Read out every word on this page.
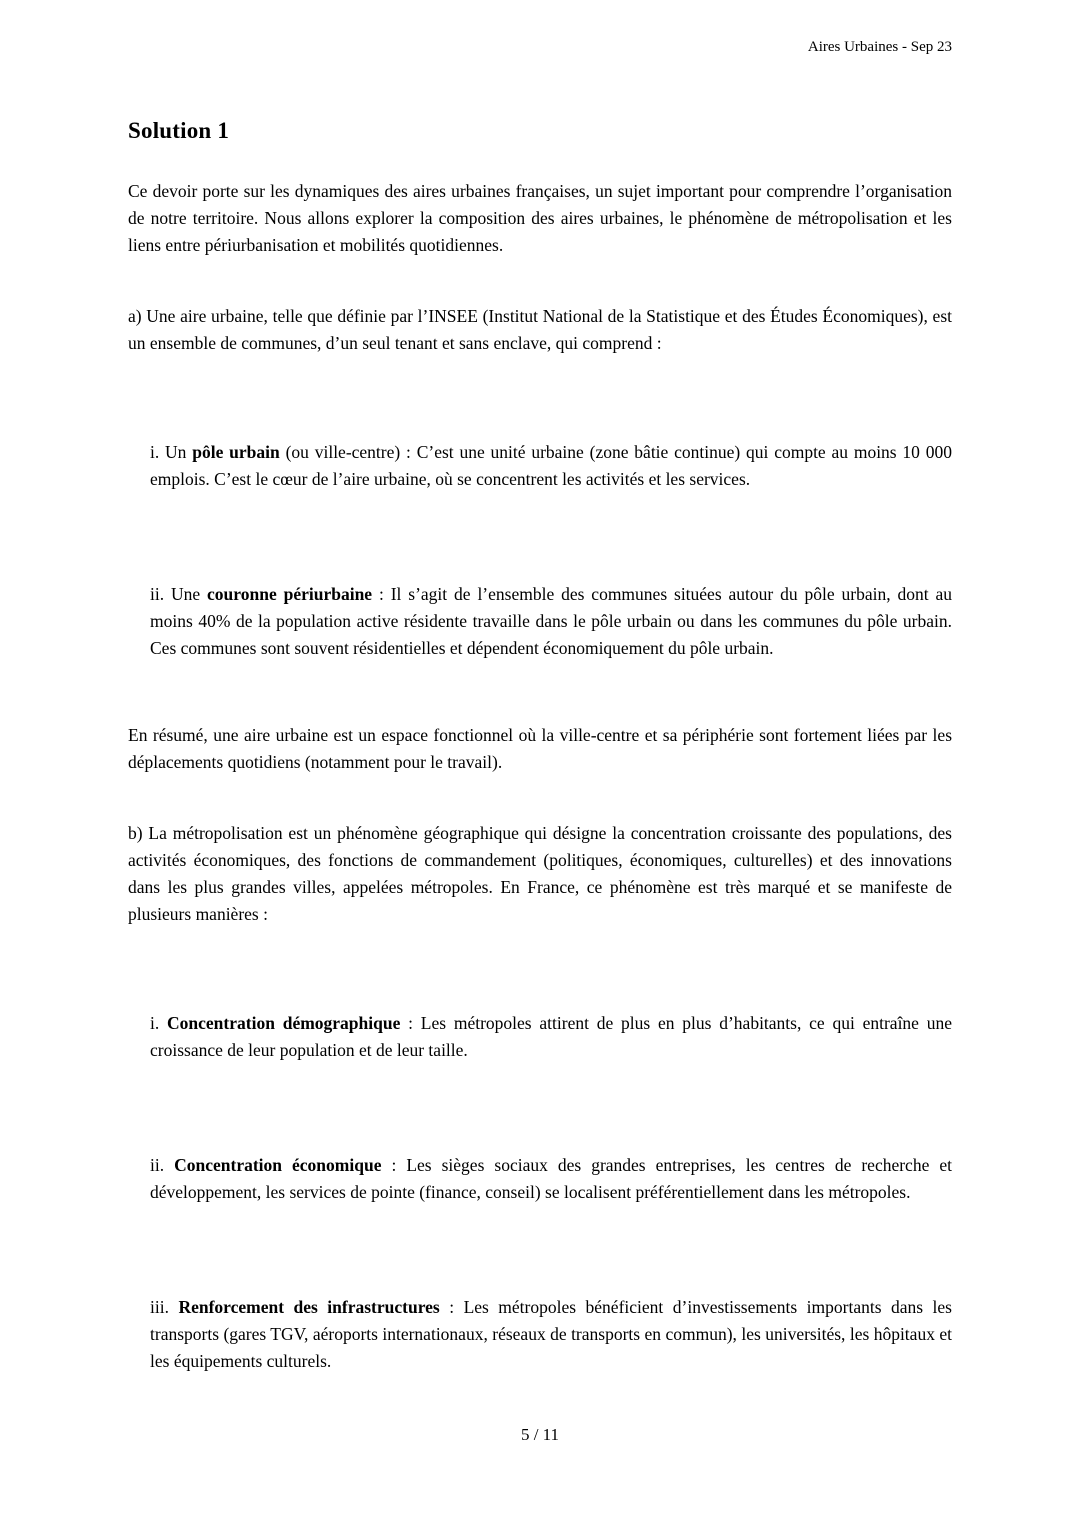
Aires Urbaines - Sep 23
Solution 1

Ce devoir porte sur les dynamiques des aires urbaines françaises, un sujet important pour comprendre l’organisation de notre territoire. Nous allons explorer la composition des aires urbaines, le phénomène de métropolisation et les liens entre périurbanisation et mobilités quotidiennes.

a) Une aire urbaine, telle que définie par l’INSEE (Institut National de la Statistique et des Études Économiques), est un ensemble de communes, d’un seul tenant et sans enclave, qui comprend :

i. Un pôle urbain (ou ville-centre) : C’est une unité urbaine (zone bâtie continue) qui compte au moins 10 000 emplois. C’est le cœur de l’aire urbaine, où se concentrent les activités et les services.

ii. Une couronne périurbaine : Il s’agit de l’ensemble des communes situées autour du pôle urbain, dont au moins 40% de la population active résidente travaille dans le pôle urbain ou dans les communes du pôle urbain. Ces communes sont souvent résidentielles et dépendent économiquement du pôle urbain.

En résumé, une aire urbaine est un espace fonctionnel où la ville-centre et sa périphérie sont fortement liées par les déplacements quotidiens (notamment pour le travail).

b) La métropolisation est un phénomène géographique qui désigne la concentration croissante des populations, des activités économiques, des fonctions de commandement (politiques, économiques, culturelles) et des innovations dans les plus grandes villes, appelées métropoles. En France, ce phénomène est très marqué et se manifeste de plusieurs manières :

i. Concentration démographique : Les métropoles attirent de plus en plus d’habitants, ce qui entraîne une croissance de leur population et de leur taille.

ii. Concentration économique : Les sièges sociaux des grandes entreprises, les centres de recherche et développement, les services de pointe (finance, conseil) se localisent préférentiellement dans les métropoles.

iii. Renforcement des infrastructures : Les métropoles bénéficient d’investissements importants dans les transports (gares TGV, aéroports internationaux, réseaux de transports en commun), les universités, les hôpitaux et les équipements culturels.

5 / 11
